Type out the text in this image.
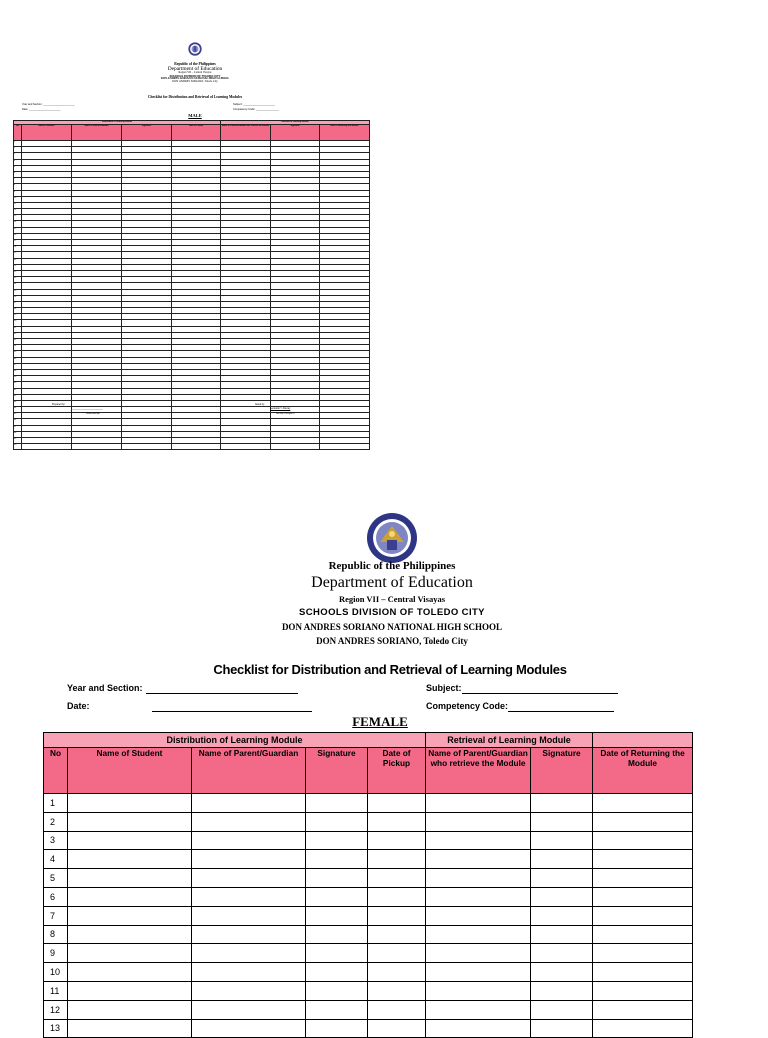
Republic of the Philippines
Department of Education
Region VII – Central Visayas
SCHOOLS DIVISION OF TOLEDO CITY
DON ANDRES SORIANO NATIONAL HIGH SCHOOL
DON ANDRES SORIANO, Toledo City
Checklist for Distribution and Retrieval of Learning Modules
Year and Section: ______________________
Date: ______________________
Subject: ______________________
Competency Code: ________________
MALE
Distribution of Learning Module					Retrieval of Learning Module		
No	Name of Student	Name of Parent/Guardian	Signature	Date of Pickup	Name of Parent/Guardian who retrieve the Module	Signature	Date of Returning the Module
1							
2							
3							
4							
5							
6							
7							
8							
9							
10							
11							
12							
13							
14							
15							
16							
17							
18							
19							
20							
21							
22							
23							
24							
25							
26							
27							
28							
29							
30							
31							
32							
33							
34							
35							
36							
37							
38							
39							
40							
41							
42							
43							
44							
45							
46							
47							
48							
49							
50							
Prepared by:
________________________
Class Adviser
Noted by:
Leonardo Y. Abucay
School Principal II
Republic of the Philippines
Department of Education
Region VII – Central Visayas
SCHOOLS DIVISION OF TOLEDO CITY
DON ANDRES SORIANO NATIONAL HIGH SCHOOL
DON ANDRES SORIANO, Toledo City
Checklist for Distribution and Retrieval of Learning Modules
Year and Section:
Date:
Subject:
Competency Code:
FEMALE
Distribution of Learning Module					Retrieval of Learning Module		
No	Name of Student	Name of Parent/Guardian	Signature	Date of Pickup	Name of Parent/Guardian who retrieve the Module	Signature	Date of Returning the Module
1							
2							
3							
4							
5							
6							
7							
8							
9							
10							
11							
12							
13							
